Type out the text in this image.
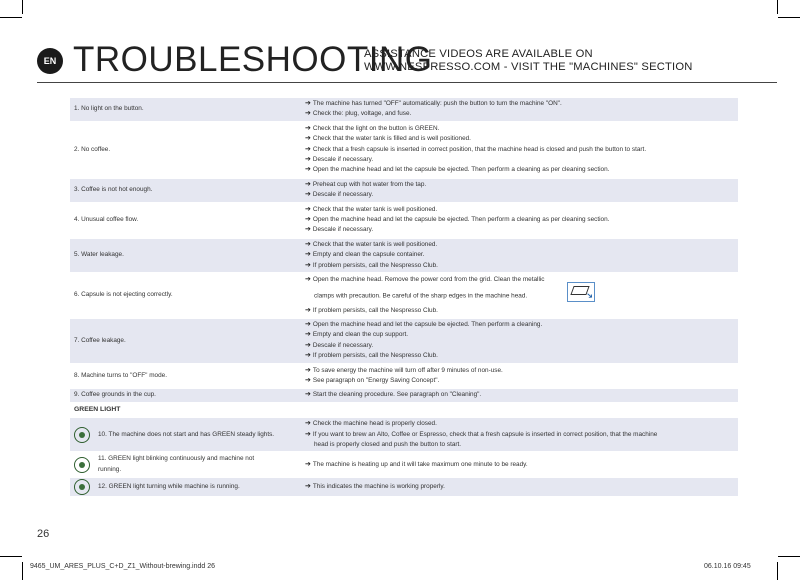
EN TROUBLESHOOTING
ASSISTANCE VIDEOS ARE AVAILABLE ON
WWW.NESPRESSO.COM - VISIT THE "MACHINES" SECTION
1. No light on the button.	➔ The machine has turned "OFF" automatically: push the button to turn the machine "ON".
➔ Check the: plug, voltage, and fuse.

2. No coffee.	➔ Check that the light on the button is GREEN.
➔ Check that the water tank is filled and is well positioned.
➔ Check that a fresh capsule is inserted in correct position, that the machine head is closed and push the button to start.
➔ Descale if necessary.
➔ Open the machine head and let the capsule be ejected. Then perform a cleaning as per cleaning section.

3. Coffee is not hot enough.	➔ Preheat cup with hot water from the tap.
➔ Descale if necessary.

4. Unusual coffee flow.	➔ Check that the water tank is well positioned.
➔ Open the machine head and let the capsule be ejected. Then perform a cleaning as per cleaning section.
➔ Descale if necessary.

5. Water leakage.	➔ Check that the water tank is well positioned.
➔ Empty and clean the capsule container.
➔ If problem persists, call the Nespresso Club.

6. Capsule is not ejecting correctly.	➔ Open the machine head. Remove the power cord from the grid. Clean the metallic
clamps with precaution. Be careful of the sharp edges in the machine head.➔
➔ If problem persists, call the Nespresso Club.

7. Coffee leakage.	➔ Open the machine head and let the capsule be ejected. Then perform a cleaning.
➔ Empty and clean the cup support.
➔ Descale if necessary.
➔ If problem persists, call the Nespresso Club.

8. Machine turns to "OFF" mode.	➔ To save energy the machine will turn off after 9 minutes of non-use.
➔ See paragraph on "Energy Saving Concept".

9. Coffee grounds in the cup.	➔ Start the cleaning procedure. See paragraph on "Cleaning".

GREEN LIGHT	

10. The machine does not start and has GREEN steady lights.	➔ Check the machine head is properly closed.
➔ If you want to brew an Alto, Coffee or Espresso, check that a fresh capsule is inserted in correct position, that the machine
head is properly closed and push the button to start.

11. GREEN light blinking continuously and machine not
running.	➔ The machine is heating up and it will take maximum one minute to be ready.

12. GREEN light turning while machine is running.	➔ This indicates the machine is working properly.
26
9465_UM_ARES_PLUS_C+D_Z1_Without-brewing.indd 26	06.10.16 09:45
